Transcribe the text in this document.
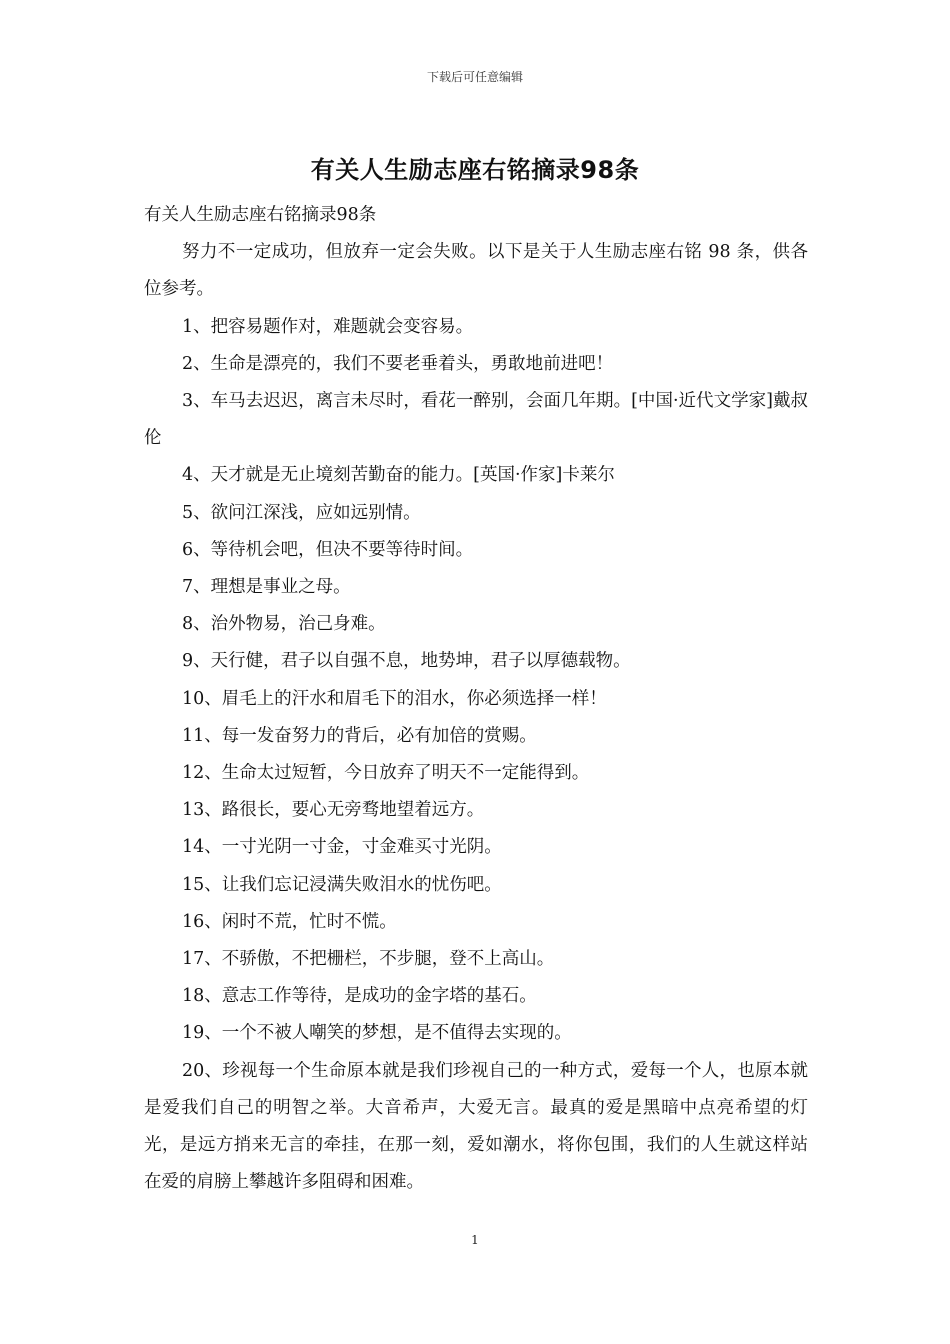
下载后可任意编辑
有关人生励志座右铭摘录98条

有关人生励志座右铭摘录98条

努力不一定成功，但放弃一定会失败。以下是关于人生励志座右铭 98 条，供各位参考。

1、把容易题作对，难题就会变容易。

2、生命是漂亮的，我们不要老垂着头，勇敢地前进吧！

3、车马去迟迟，离言未尽时，看花一醉别，会面几年期。[中国·近代文学家]戴叔伦

4、天才就是无止境刻苦勤奋的能力。[英国·作家]卡莱尔

5、欲问江深浅，应如远别情。

6、等待机会吧，但决不要等待时间。

7、理想是事业之母。

8、治外物易，治己身难。

9、天行健，君子以自强不息，地势坤，君子以厚德载物。

10、眉毛上的汗水和眉毛下的泪水，你必须选择一样！

11、每一发奋努力的背后，必有加倍的赏赐。

12、生命太过短暂，今日放弃了明天不一定能得到。

13、路很长，要心无旁骛地望着远方。

14、一寸光阴一寸金，寸金难买寸光阴。

15、让我们忘记浸满失败泪水的忧伤吧。

16、闲时不荒，忙时不慌。

17、不骄傲，不把栅栏，不步腿，登不上高山。

18、意志工作等待，是成功的金字塔的基石。

19、一个不被人嘲笑的梦想，是不值得去实现的。

20、珍视每一个生命原本就是我们珍视自己的一种方式，爱每一个人，也原本就是爱我们自己的明智之举。大音希声，大爱无言。最真的爱是黑暗中点亮希望的灯光，是远方捎来无言的牵挂，在那一刻，爱如潮水，将你包围，我们的人生就这样站在爱的肩膀上攀越许多阻碍和困难。

1
